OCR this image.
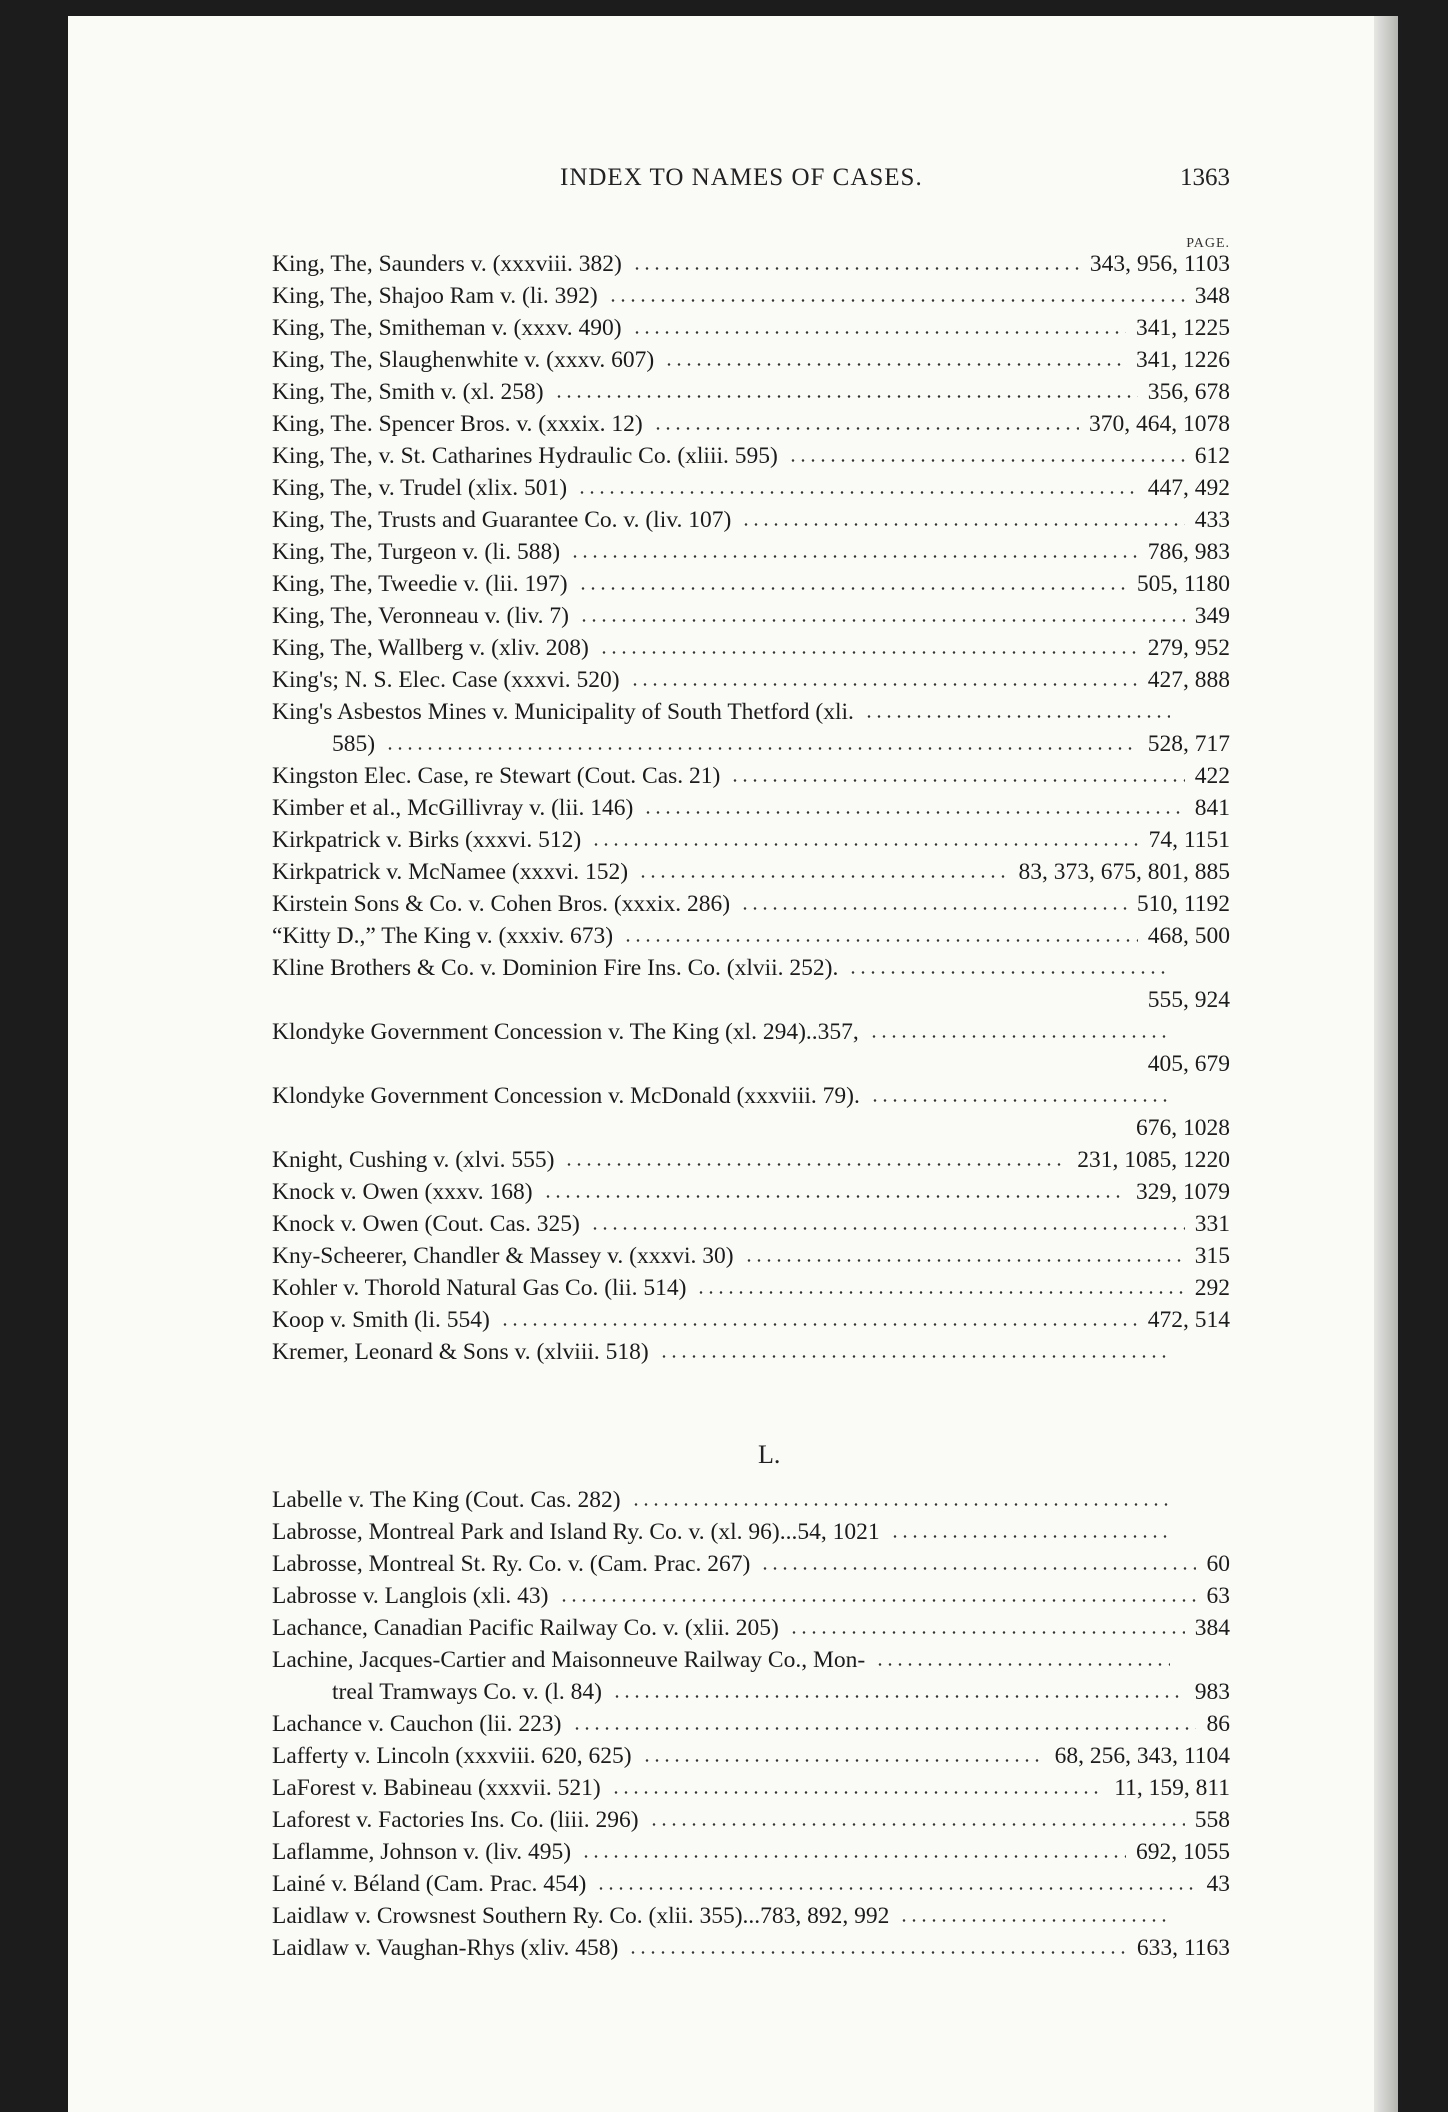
INDEX TO NAMES OF CASES.	1363
PAGE.
King, The, Saunders v. (xxxviii. 382)	343, 956, 1103
King, The, Shajoo Ram v. (li. 392)	348
King, The, Smitheman v. (xxxv. 490)	341, 1225
King, The, Slaughenwhite v. (xxxv. 607)	341, 1226
King, The, Smith v. (xl. 258)	356, 678
King, The. Spencer Bros. v. (xxxix. 12)	370, 464, 1078
King, The, v. St. Catharines Hydraulic Co. (xliii. 595)	612
King, The, v. Trudel (xlix. 501)	447, 492
King, The, Trusts and Guarantee Co. v. (liv. 107)	433
King, The, Turgeon v. (li. 588)	786, 983
King, The, Tweedie v. (lii. 197)	505, 1180
King, The, Veronneau v. (liv. 7)	349
King, The, Wallberg v. (xliv. 208)	279, 952
King's; N. S. Elec. Case (xxxvi. 520)	427, 888
King's Asbestos Mines v. Municipality of South Thetford (xli.
585)	528, 717
Kingston Elec. Case, re Stewart (Cout. Cas. 21)	422
Kimber et al., McGillivray v. (lii. 146)	841
Kirkpatrick v. Birks (xxxvi. 512)	74, 1151
Kirkpatrick v. McNamee (xxxvi. 152)	83, 373, 675, 801, 885
Kirstein Sons & Co. v. Cohen Bros. (xxxix. 286)	510, 1192
“Kitty D.,” The King v. (xxxiv. 673)	468, 500
Kline Brothers & Co. v. Dominion Fire Ins. Co. (xlvii. 252).
555, 924
Klondyke Government Concession v. The King (xl. 294)..357,
405, 679
Klondyke Government Concession v. McDonald (xxxviii. 79).
676, 1028
Knight, Cushing v. (xlvi. 555)	231, 1085, 1220
Knock v. Owen (xxxv. 168)	329, 1079
Knock v. Owen (Cout. Cas. 325)	331
Kny-Scheerer, Chandler & Massey v. (xxxvi. 30)	315
Kohler v. Thorold Natural Gas Co. (lii. 514)	292
Koop v. Smith (li. 554)	472, 514
Kremer, Leonard & Sons v. (xlviii. 518)
L.
Labelle v. The King (Cout. Cas. 282)
Labrosse, Montreal Park and Island Ry. Co. v. (xl. 96)...54, 1021
Labrosse, Montreal St. Ry. Co. v. (Cam. Prac. 267)	60
Labrosse v. Langlois (xli. 43)	63
Lachance, Canadian Pacific Railway Co. v. (xlii. 205)	384
Lachine, Jacques-Cartier and Maisonneuve Railway Co., Mon-
treal Tramways Co. v. (l. 84)	983
Lachance v. Cauchon (lii. 223)	86
Lafferty v. Lincoln (xxxviii. 620, 625)	68, 256, 343, 1104
LaForest v. Babineau (xxxvii. 521)	11, 159, 811
Laforest v. Factories Ins. Co. (liii. 296)	558
Laflamme, Johnson v. (liv. 495)	692, 1055
Lainé v. Béland (Cam. Prac. 454)	43
Laidlaw v. Crowsnest Southern Ry. Co. (xlii. 355)...783, 892, 992
Laidlaw v. Vaughan-Rhys (xliv. 458)	633, 1163
